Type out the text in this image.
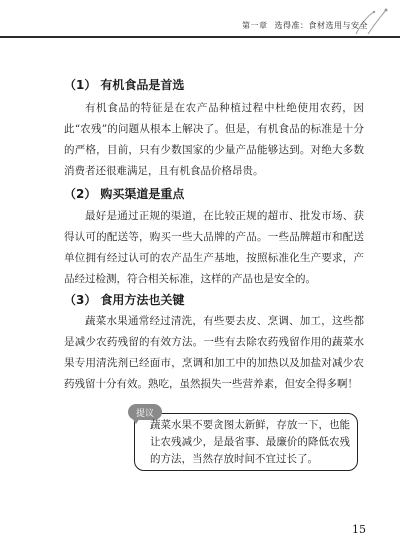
第一章 选得准：食材选用与安全
（1） 有机食品是首选

有机食品的特征是在农产品种植过程中杜绝使用农药，因此“农残”的问题从根本上解决了。但是，有机食品的标准是十分的严格，目前，只有少数国家的少量产品能够达到。对绝大多数消费者还很难满足，且有机食品价格昂贵。

（2） 购买渠道是重点

最好是通过正规的渠道，在比较正规的超市、批发市场、获得认可的配送等，购买一些大品牌的产品。一些品牌超市和配送单位拥有经过认可的农产品生产基地，按照标准化生产要求，产品经过检测，符合相关标准，这样的产品也是安全的。

（3） 食用方法也关键

蔬菜水果通常经过清洗，有些要去皮、烹调、加工，这些都是减少农药残留的有效方法。一些有去除农药残留作用的蔬菜水果专用清洗剂已经面市，烹调和加工中的加热以及加盐对减少农药残留十分有效。熟吃，虽然损失一些营养素，但安全得多啊！

提议

蔬菜水果不要贪图太新鲜，存放一下，也能让农残减少，是最省事、最廉价的降低农残的方法，当然存放时间不宜过长了。

15
